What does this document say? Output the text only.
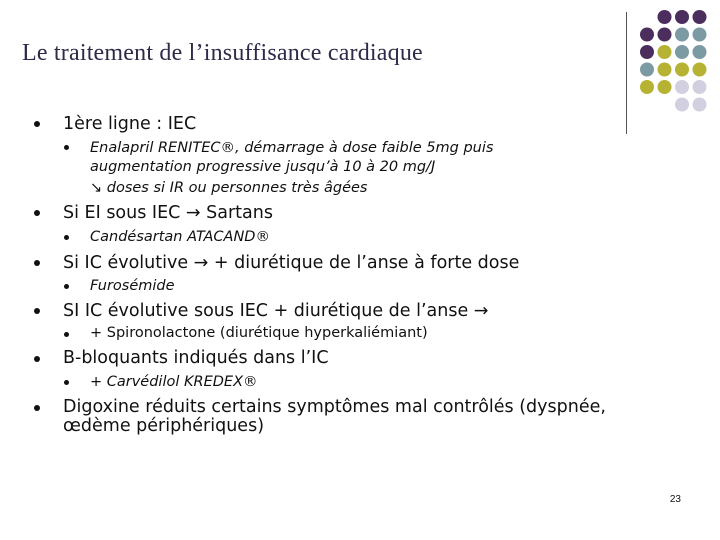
Le traitement de l’insuffisance cardiaque
1ère ligne : IEC
Enalapril RENITEC®, démarrage à dose faible 5mg puis
augmentation progressive jusqu’à 10 à 20 mg/J
↘ doses si IR ou personnes très âgées
Si EI sous IEC → Sartans
Candésartan ATACAND®
Si IC évolutive → + diurétique de l’anse à forte dose
Furosémide
SI IC évolutive sous IEC + diurétique de l’anse →
+ Spironolactone (diurétique hyperkaliémiant)
B-bloquants indiqués dans l’IC
+ Carvédilol KREDEX®
Digoxine réduits certains symptômes mal contrôlés (dyspnée,
œdème périphériques)
23
